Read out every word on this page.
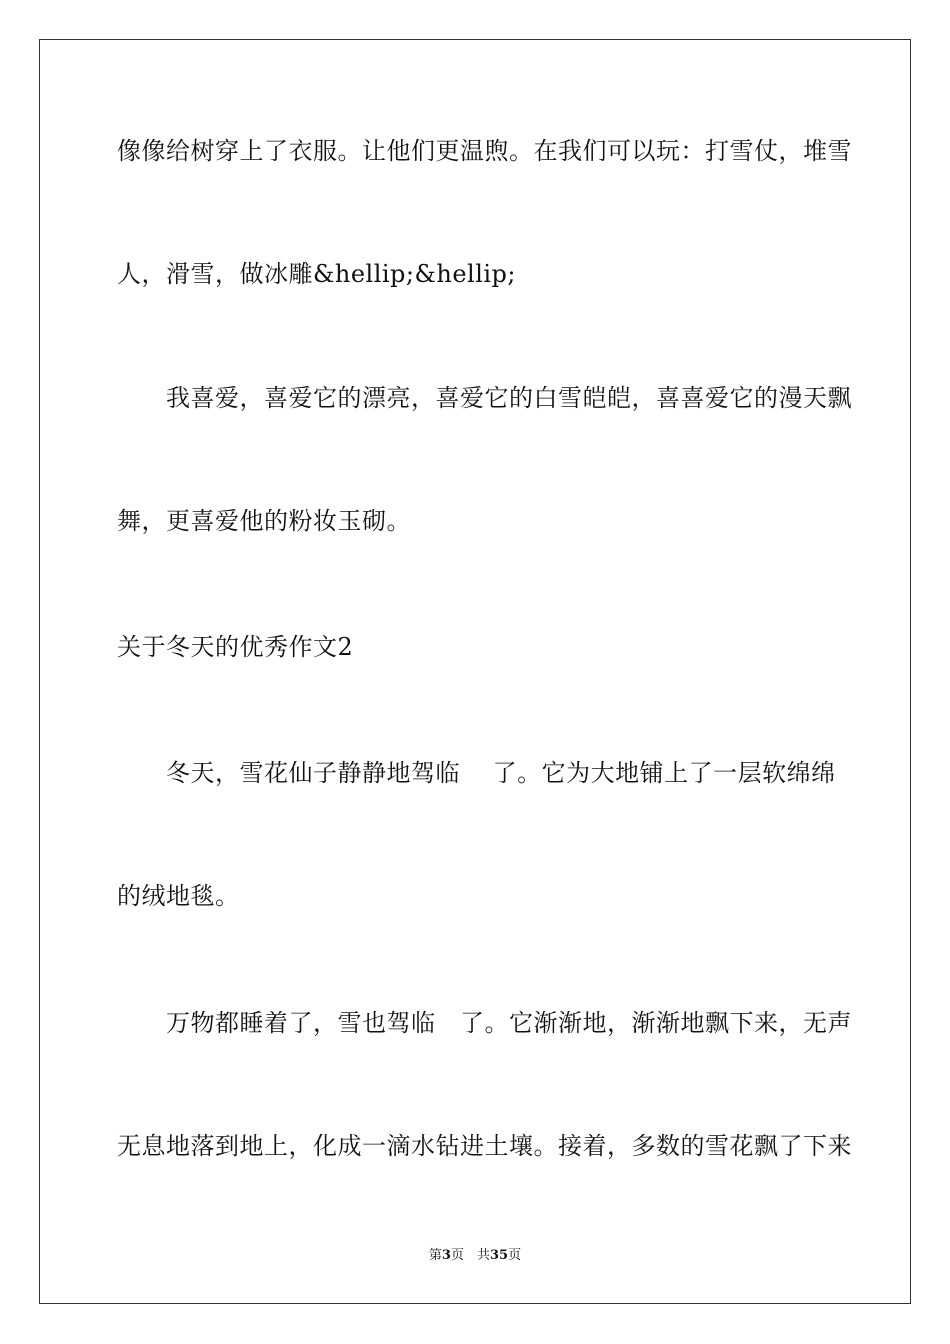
像像给树穿上了衣服。让他们更温煦。在我们可以玩：打雪仗，堆雪
人，滑雪，做冰雕&hellip;&hellip;
　　我喜爱，喜爱它的漂亮，喜爱它的白雪皑皑，喜喜爱它的漫天飘
舞，更喜爱他的粉妆玉砌。
关于冬天的优秀作文2
　　冬天，雪花仙子静静地驾临　 了。它为大地铺上了一层软绵绵
的绒地毯。
　　万物都睡着了，雪也驾临　了。它渐渐地，渐渐地飘下来，无声
无息地落到地上，化成一滴水钻进土壤。接着，多数的雪花飘了下来
第3页　共35页
